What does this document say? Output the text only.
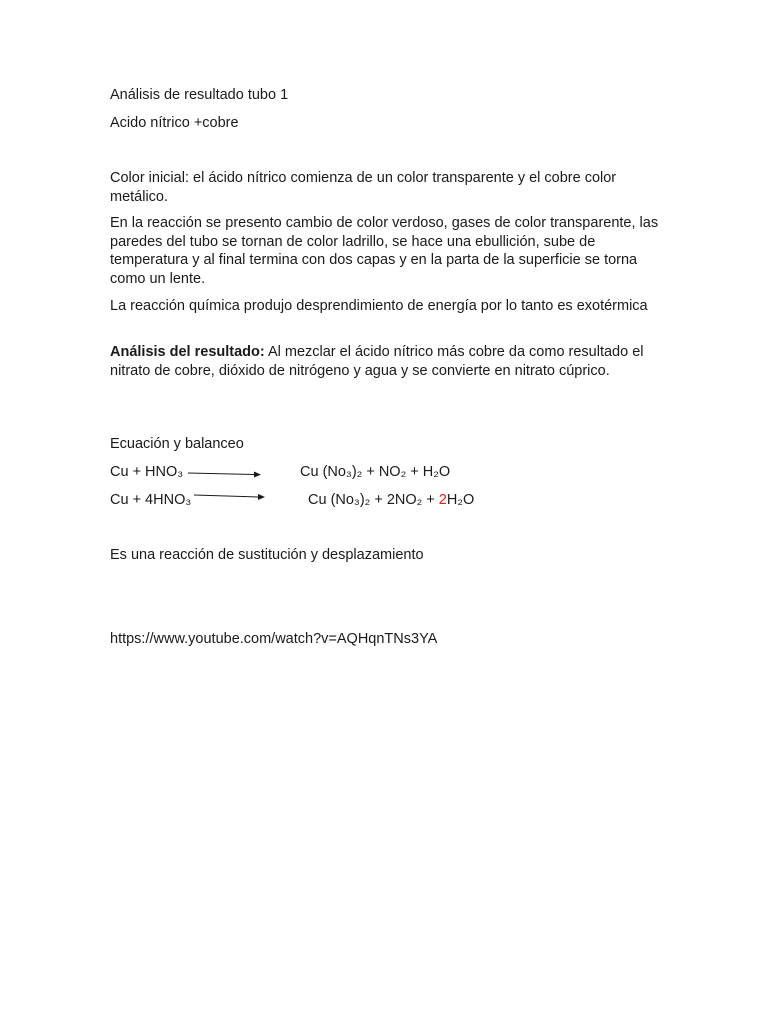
Análisis de resultado tubo 1
Acido nítrico +cobre

Color inicial: el ácido nítrico comienza de un color transparente y el cobre color metálico.

En la reacción se presento cambio de color verdoso, gases de color transparente, las paredes del tubo se tornan de color ladrillo, se hace una ebullición, sube de temperatura y al final termina con dos capas y en la parta de la superficie se torna como un lente.

La reacción química produjo desprendimiento de energía por lo tanto es exotérmica

Análisis del resultado: Al mezclar el ácido nítrico más cobre da como resultado el nitrato de cobre, dióxido de nitrógeno y agua y se convierte en nitrato cúprico.

Ecuación y balanceo
Cu + HNO₃	Cu (No₃)₂ + NO₂ + H₂O
Cu + 4HNO₃	Cu (No₃)₂ + 2NO₂ + 2H₂O
Es una reacción de sustitución y desplazamiento
https://www.youtube.com/watch?v=AQHqnTNs3YA
